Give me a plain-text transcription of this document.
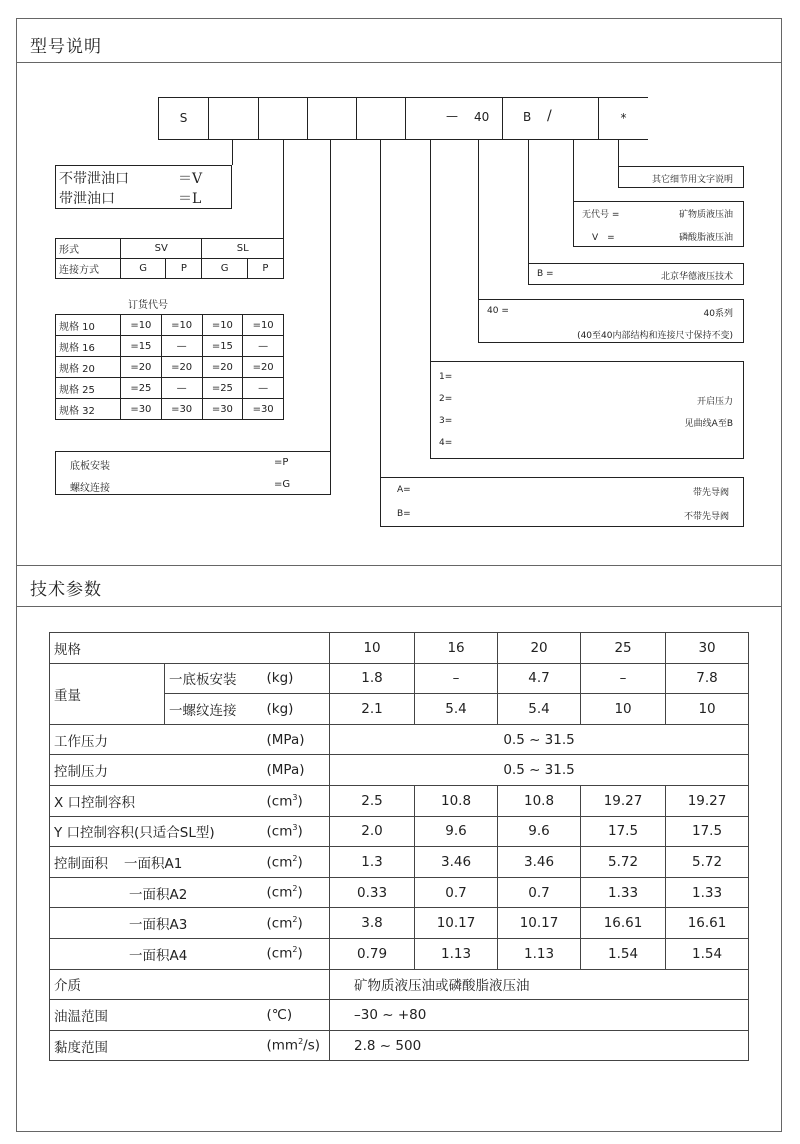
型号说明
S	— 40	B /	*
不带泄油口	＝V
带泄油口	＝L
形式	SV		SL	
连接方式	G	P	G	P
订货代号
规格 10	=10	=10	=10	=10
规格 16	=15	—	=15	—
规格 20	=20	=20	=20	=20
规格 25	=25	—	=25	—
规格 32	=30	=30	=30	=30
底板安装	=P
螺纹连接	=G	A=	带先导阀
B=	不带先导阀
1=
2=
3=
4=
开启压力
见曲线A至B
40 =	40系列
(40至40内部结构和连接尺寸保持不变)
B =	北京华德液压技术
无代号 =	矿物质液压油
V　=	磷酸脂液压油
其它细节用文字说明
技术参数
规格			10	16	20	25	30
重量	一底板安装	(kg)	1.8	–	4.7	–	7.8
	一螺纹连接	(kg)	2.1	5.4	5.4	10	10
工作压力		(MPa)	0.5 ~ 31.5				
控制压力		(MPa)	0.5 ~ 31.5				
X 口控制容积		$(cm^3)$	2.5	10.8	10.8	19.27	19.27
Y 口控制容积(只适合SL型)		$(cm^3)$	2.0	9.6	9.6	17.5	17.5
控制面积 一面积A1		$(cm^2)$	1.3	3.46	3.46	5.72	5.72
一面积A2		$(cm^2)$	0.33	0.7	0.7	1.33	1.33
一面积A3		$(cm^2)$	3.8	10.17	10.17	16.61	16.61
一面积A4		$(cm^2)$	0.79	1.13	1.13	1.54	1.54
介质			矿物质液压油或磷酸脂液压油				
油温范围		(℃)	–30 ~ +80				
黏度范围		$(mm^2/s)$	2.8 ~ 500				
